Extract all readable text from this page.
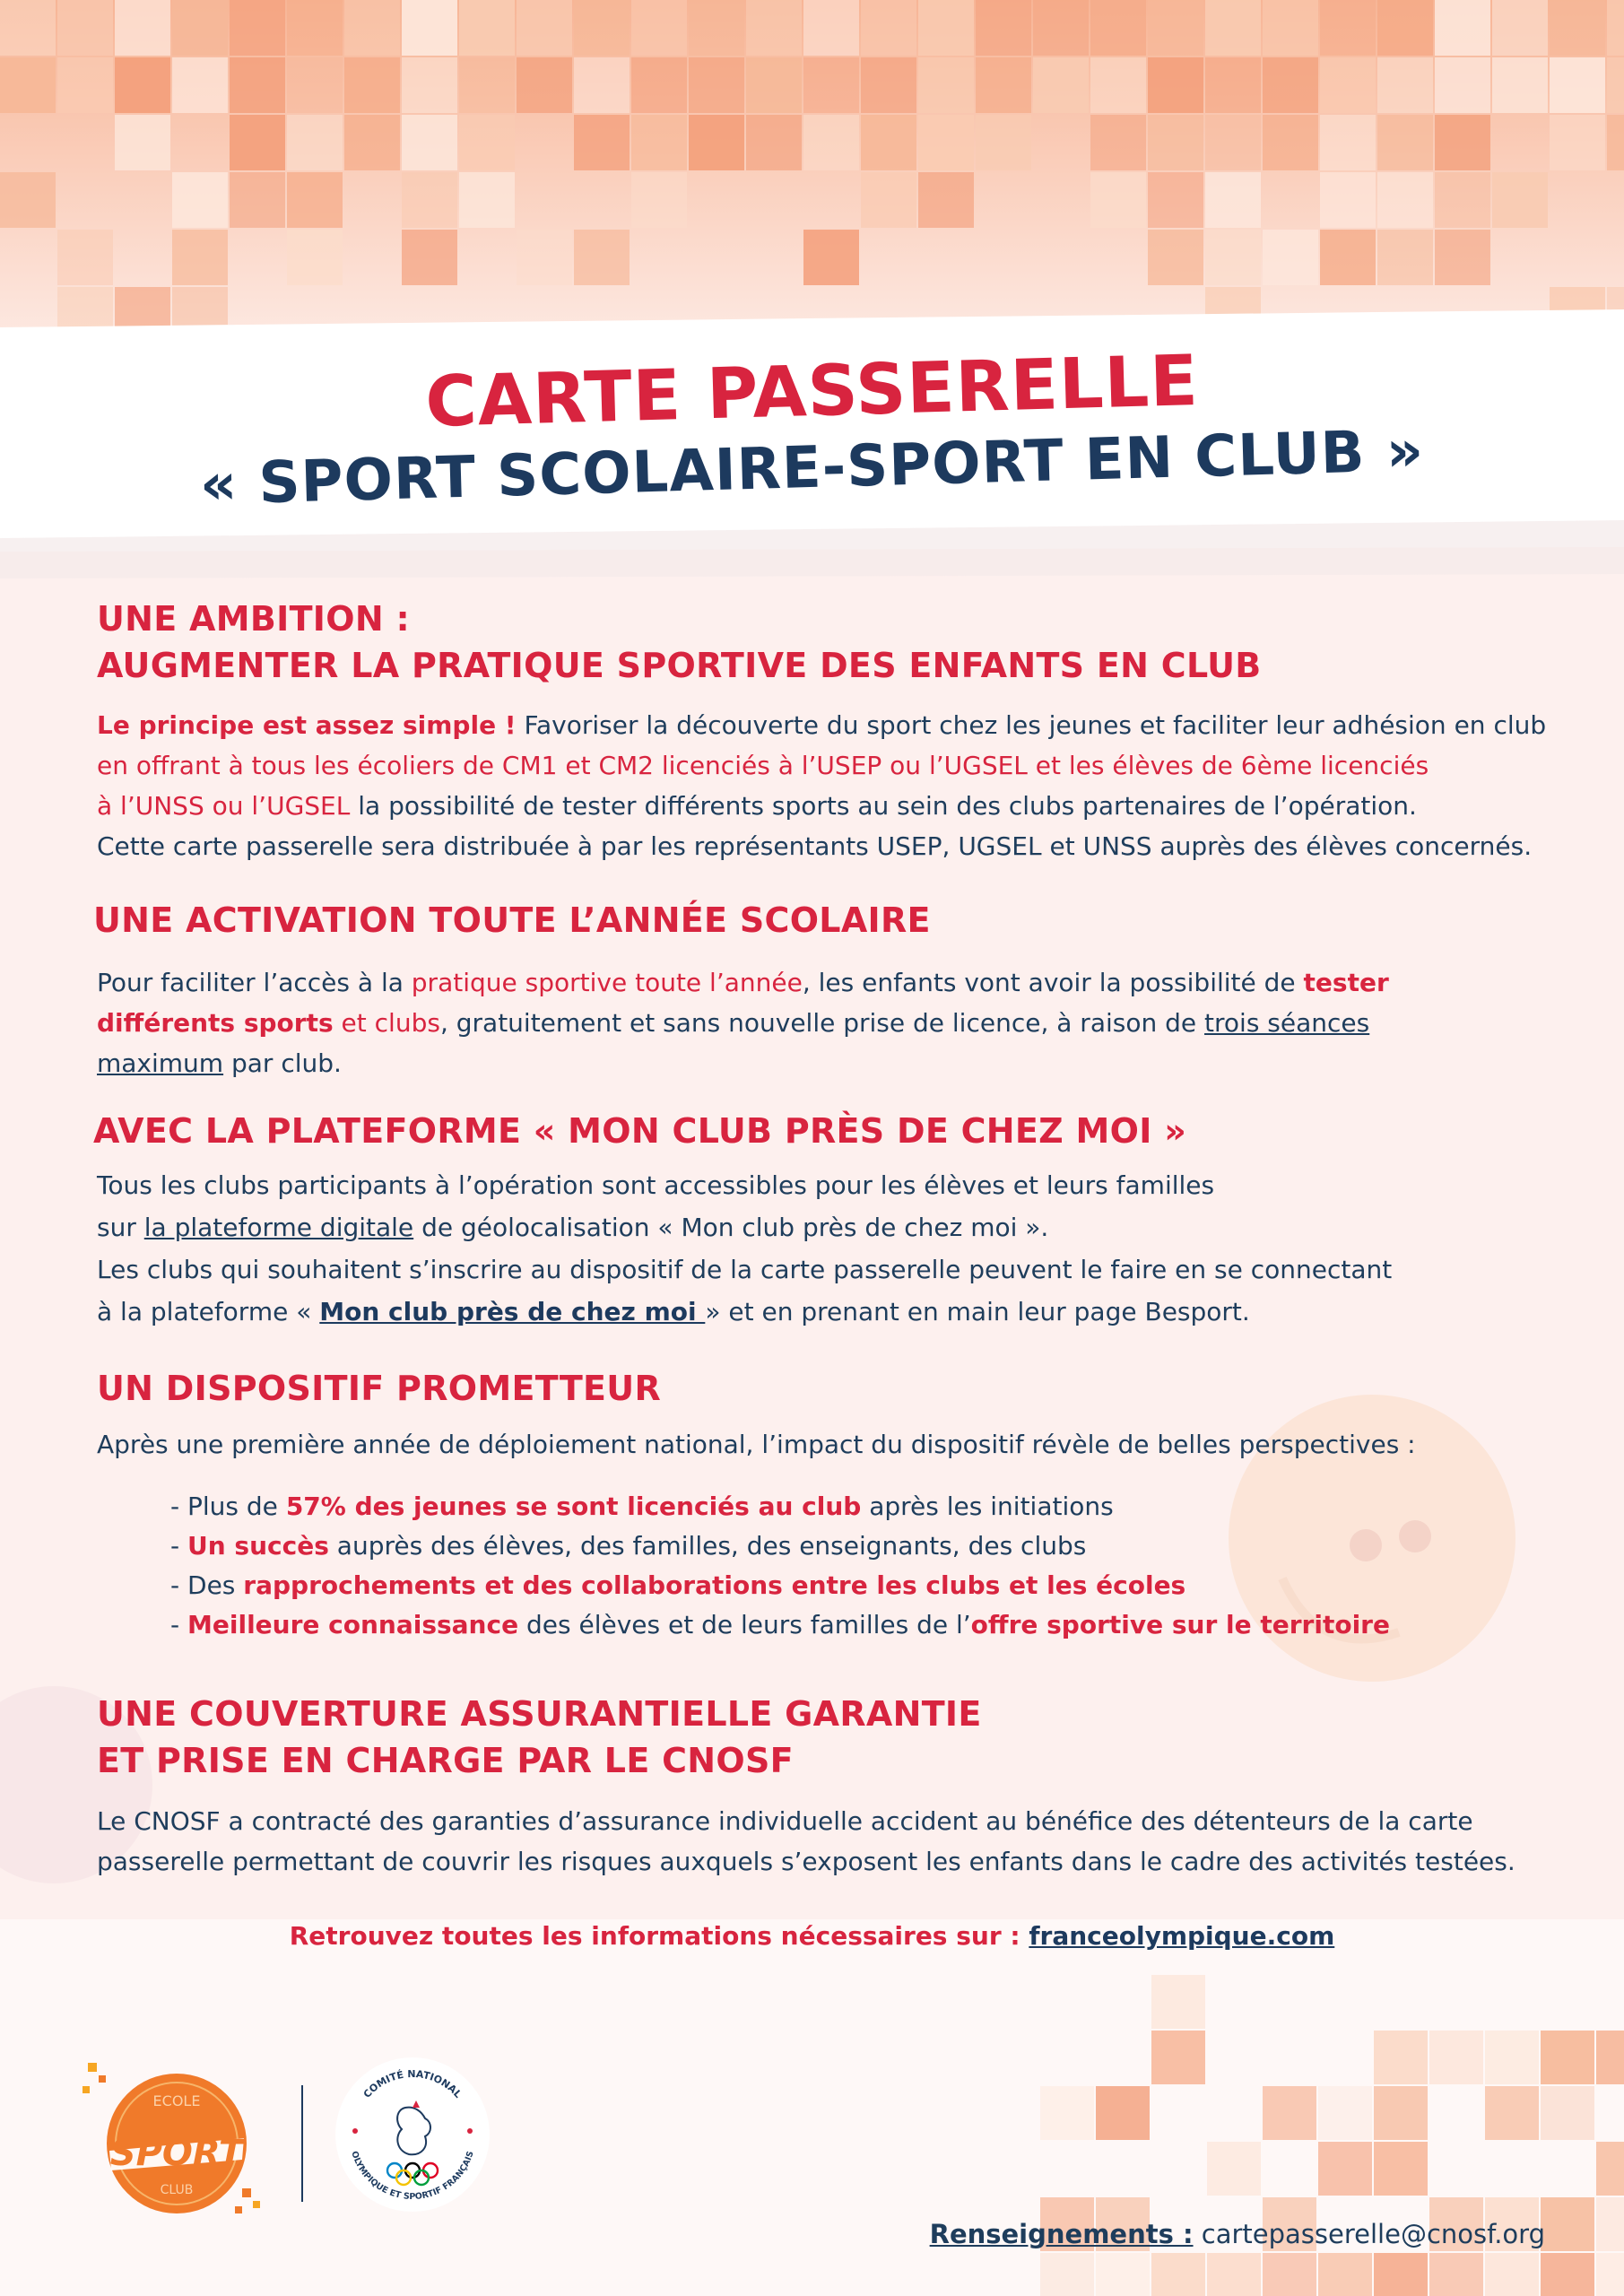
CARTE PASSERELLE
« SPORT SCOLAIRE-SPORT EN CLUB »
UNE AMBITION :
AUGMENTER LA PRATIQUE SPORTIVE DES ENFANTS EN CLUB

Le principe est assez simple ! Favoriser la découverte du sport chez les jeunes et faciliter leur adhésion en club
en offrant à tous les écoliers de CM1 et CM2 licenciés à l’USEP ou l’UGSEL et les élèves de 6ème licenciés
à l’UNSS ou l’UGSEL la possibilité de tester différents sports au sein des clubs partenaires de l’opération.
Cette carte passerelle sera distribuée à par les représentants USEP, UGSEL et UNSS auprès des élèves concernés.

UNE ACTIVATION TOUTE L’ANNÉE SCOLAIRE

Pour faciliter l’accès à la pratique sportive toute l’année, les enfants vont avoir la possibilité de tester
différents sports et clubs, gratuitement et sans nouvelle prise de licence, à raison de trois séances
maximum par club.

AVEC LA PLATEFORME « MON CLUB PRÈS DE CHEZ MOI »

Tous les clubs participants à l’opération sont accessibles pour les élèves et leurs familles
sur la plateforme digitale de géolocalisation « Mon club près de chez moi ».
Les clubs qui souhaitent s’inscrire au dispositif de la carte passerelle peuvent le faire en se connectant
à la plateforme « Mon club près de chez moi » et en prenant en main leur page Besport.

UN DISPOSITIF PROMETTEUR

Après une première année de déploiement national, l’impact du dispositif révèle de belles perspectives :

- Plus de 57% des jeunes se sont licenciés au club après les initiations
- Un succès auprès des élèves, des familles, des enseignants, des clubs
- Des rapprochements et des collaborations entre les clubs et les écoles
- Meilleure connaissance des élèves et de leurs familles de l’offre sportive sur le territoire
UNE COUVERTURE ASSURANTIELLE GARANTIE
ET PRISE EN CHARGE PAR LE CNOSF

Le CNOSF a contracté des garanties d’assurance individuelle accident au bénéfice des détenteurs de la carte
passerelle permettant de couvrir les risques auxquels s’exposent les enfants dans le cadre des activités testées.

Retrouvez toutes les informations nécessaires sur : franceolympique.com
ECOLE
SPORT
CLUB
COMITÉ NATIONAL
OLYMPIQUE ET SPORTIF FRANÇAIS
Renseignements : cartepasserelle@cnosf.org
